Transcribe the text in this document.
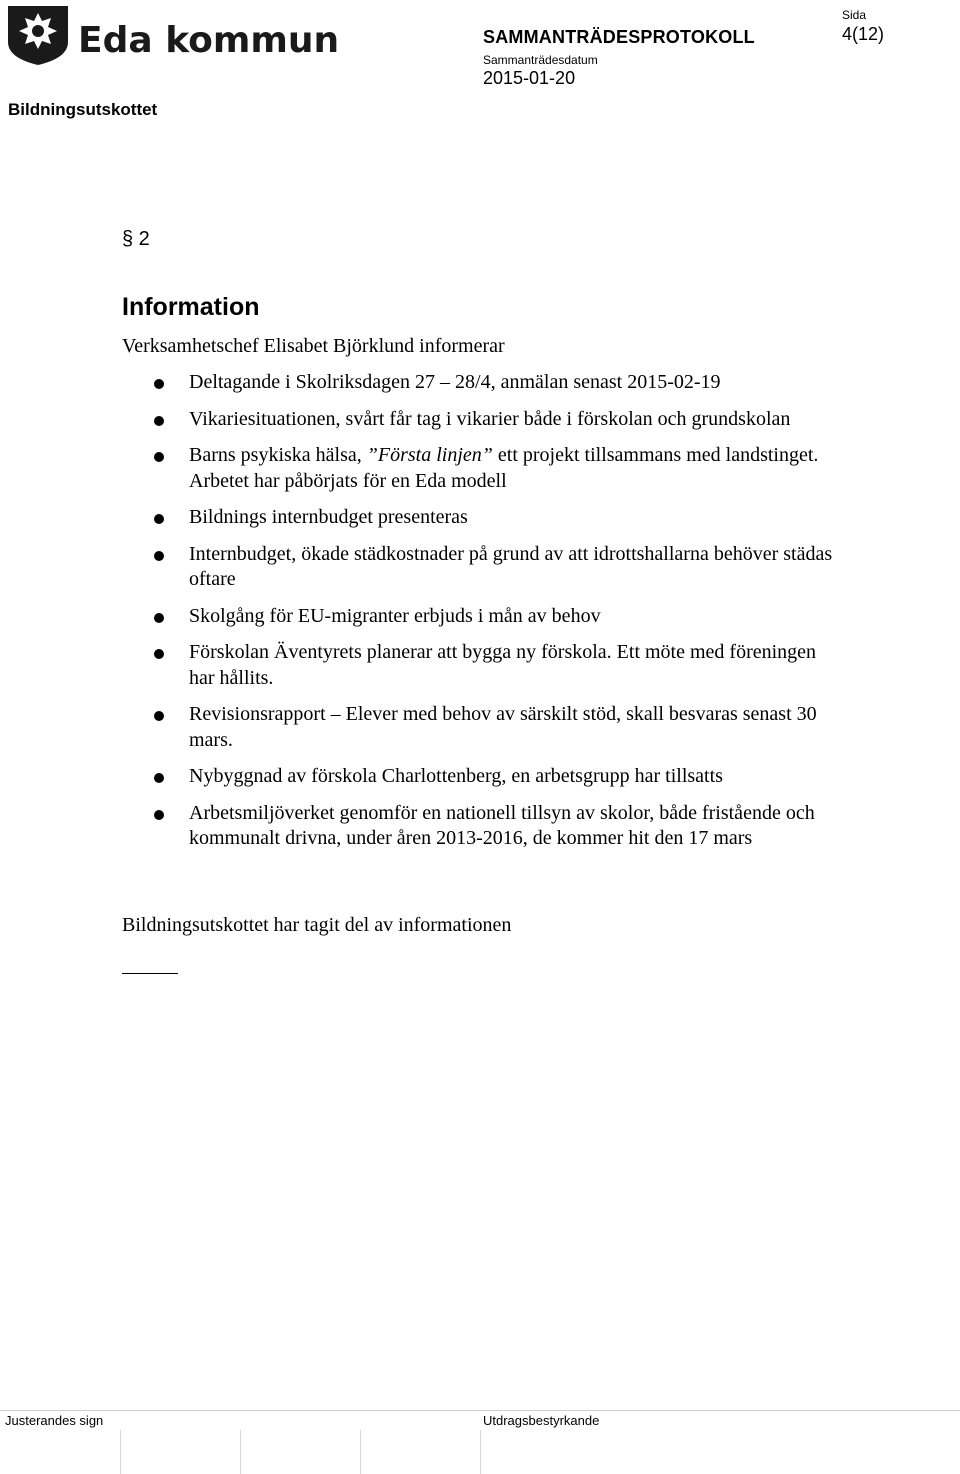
Eda kommun	SAMMANTRÄDESPROTOKOLL
Sammanträdesdatum
2015-01-20
Sida
4(12)
Bildningsutskottet
§ 2
Information
Verksamhetschef Elisabet Björklund informerar
Deltagande i Skolriksdagen 27 – 28/4, anmälan senast 2015-02-19
Vikariesituationen, svårt får tag i vikarier både i förskolan och grundskolan
Barns psykiska hälsa, ”Första linjen” ett projekt tillsammans med landstinget. Arbetet har påbörjats för en Eda modell
Bildnings internbudget presenteras
Internbudget, ökade städkostnader på grund av att idrottshallarna behöver städas oftare
Skolgång för EU-migranter erbjuds i mån av behov
Förskolan Äventyrets planerar att bygga ny förskola. Ett möte med föreningen har hållits.
Revisionsrapport – Elever med behov av särskilt stöd, skall besvaras senast 30 mars.
Nybyggnad av förskola Charlottenberg, en arbetsgrupp har tillsatts
Arbetsmiljöverket genomför en nationell tillsyn av skolor, både fristående och kommunalt drivna, under åren 2013-2016, de kommer hit den 17 mars
Bildningsutskottet har tagit del av informationen
Justerandes sign	Utdragsbestyrkande
